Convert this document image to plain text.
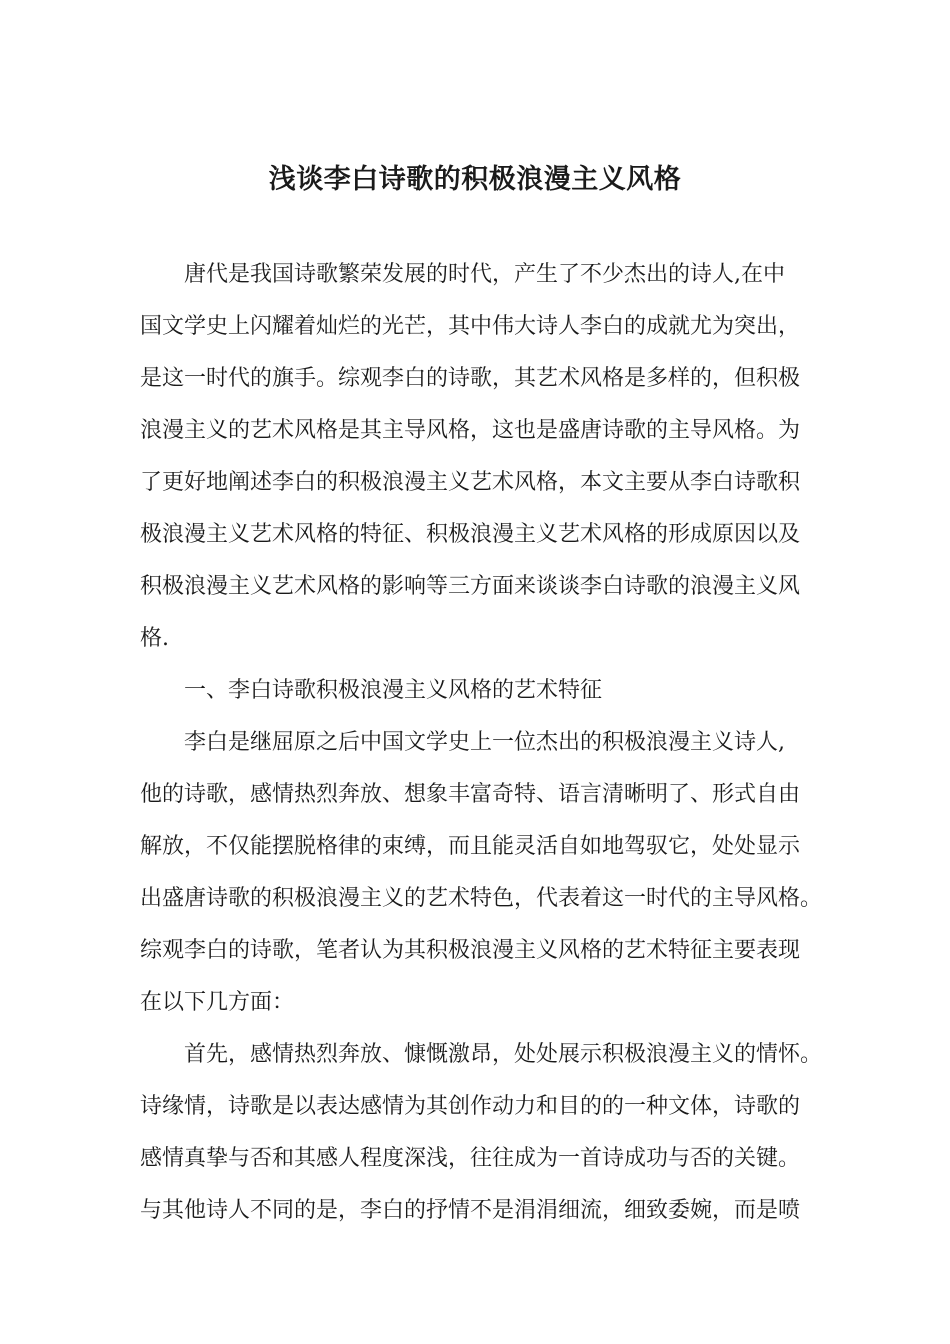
浅谈李白诗歌的积极浪漫主义风格

唐代是我国诗歌繁荣发展的时代，产生了不少杰出的诗人,在中

国文学史上闪耀着灿烂的光芒，其中伟大诗人李白的成就尤为突出，

是这一时代的旗手。综观李白的诗歌，其艺术风格是多样的，但积极

浪漫主义的艺术风格是其主导风格，这也是盛唐诗歌的主导风格。为

了更好地阐述李白的积极浪漫主义艺术风格，本文主要从李白诗歌积

极浪漫主义艺术风格的特征、积极浪漫主义艺术风格的形成原因以及

积极浪漫主义艺术风格的影响等三方面来谈谈李白诗歌的浪漫主义风

格.

一、李白诗歌积极浪漫主义风格的艺术特征

李白是继屈原之后中国文学史上一位杰出的积极浪漫主义诗人,

他的诗歌，感情热烈奔放、想象丰富奇特、语言清晰明了、形式自由

解放，不仅能摆脱格律的束缚，而且能灵活自如地驾驭它，处处显示

出盛唐诗歌的积极浪漫主义的艺术特色，代表着这一时代的主导风格。

综观李白的诗歌，笔者认为其积极浪漫主义风格的艺术特征主要表现

在以下几方面：

首先，感情热烈奔放、慷慨激昂，处处展示积极浪漫主义的情怀。

诗缘情，诗歌是以表达感情为其创作动力和目的的一种文体，诗歌的

感情真挚与否和其感人程度深浅，往往成为一首诗成功与否的关键。

与其他诗人不同的是，李白的抒情不是涓涓细流，细致委婉，而是喷
